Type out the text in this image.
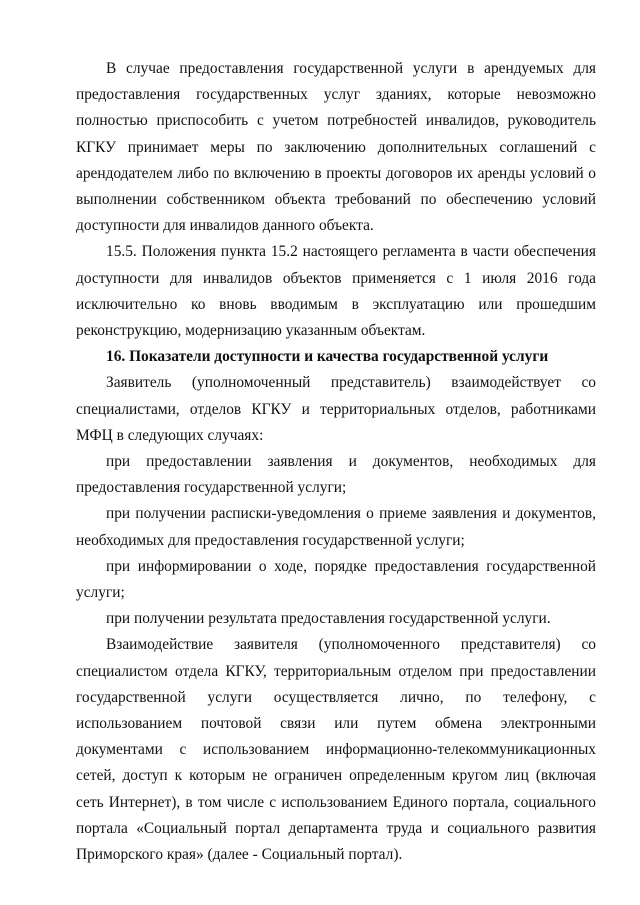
В случае предоставления государственной услуги в арендуемых для предоставления государственных услуг зданиях, которые невозможно полностью приспособить с учетом потребностей инвалидов, руководитель КГКУ принимает меры по заключению дополнительных соглашений с арендодателем либо по включению в проекты договоров их аренды условий о выполнении собственником объекта требований по обеспечению условий доступности для инвалидов данного объекта.

15.5. Положения пункта 15.2 настоящего регламента в части обеспечения доступности для инвалидов объектов применяется с 1 июля 2016 года исключительно ко вновь вводимым в эксплуатацию или прошедшим реконструкцию, модернизацию указанным объектам.

16. Показатели доступности и качества государственной услуги

Заявитель (уполномоченный представитель) взаимодействует со специалистами, отделов КГКУ и территориальных отделов, работниками МФЦ в следующих случаях:

при предоставлении заявления и документов, необходимых для предоставления государственной услуги;

при получении расписки-уведомления о приеме заявления и документов, необходимых для предоставления государственной услуги;

при информировании о ходе, порядке предоставления государственной услуги;

при получении результата предоставления государственной услуги.

Взаимодействие заявителя (уполномоченного представителя) со специалистом отдела КГКУ, территориальным отделом при предоставлении государственной услуги осуществляется лично, по телефону, с использованием почтовой связи или путем обмена электронными документами с использованием информационно-телекоммуникационных сетей, доступ к которым не ограничен определенным кругом лиц (включая сеть Интернет), в том числе с использованием Единого портала, социального портала «Социальный портал департамента труда и социального развития Приморского края» (далее - Социальный портал).
